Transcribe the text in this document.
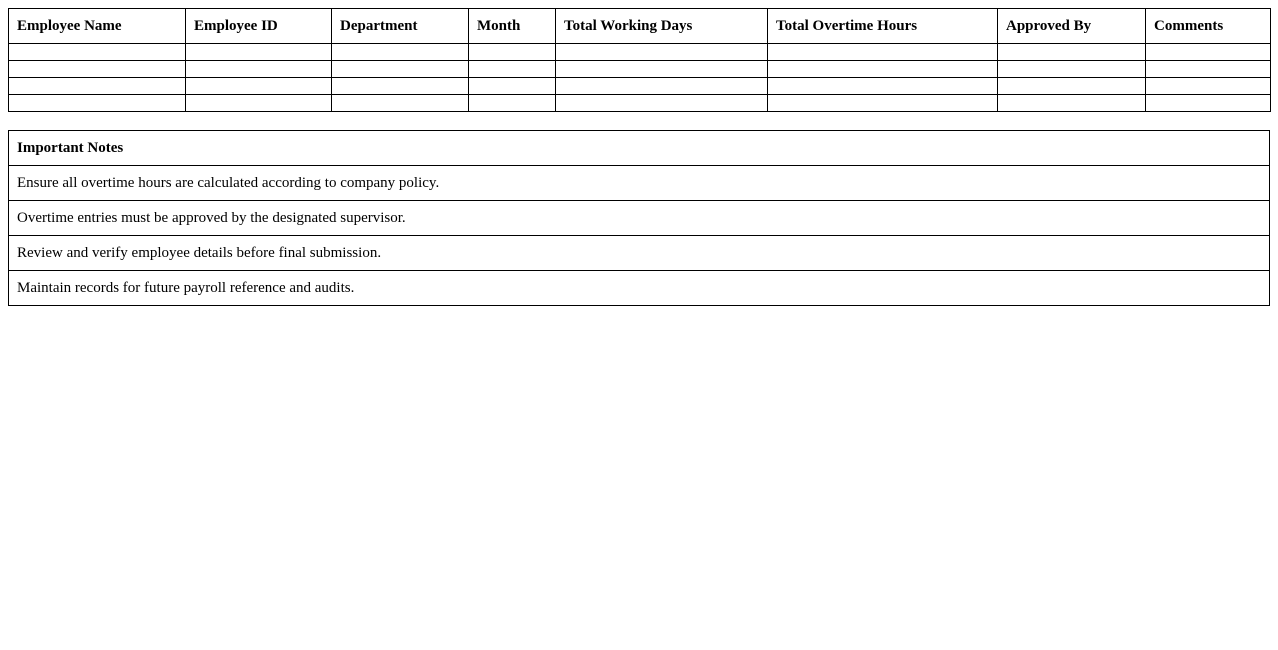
Employee Name	Employee ID	Department	Month	Total Working Days	Total Overtime Hours	Approved By	Comments

Important Notes
Ensure all overtime hours are calculated according to company policy.
Overtime entries must be approved by the designated supervisor.
Review and verify employee details before final submission.
Maintain records for future payroll reference and audits.
